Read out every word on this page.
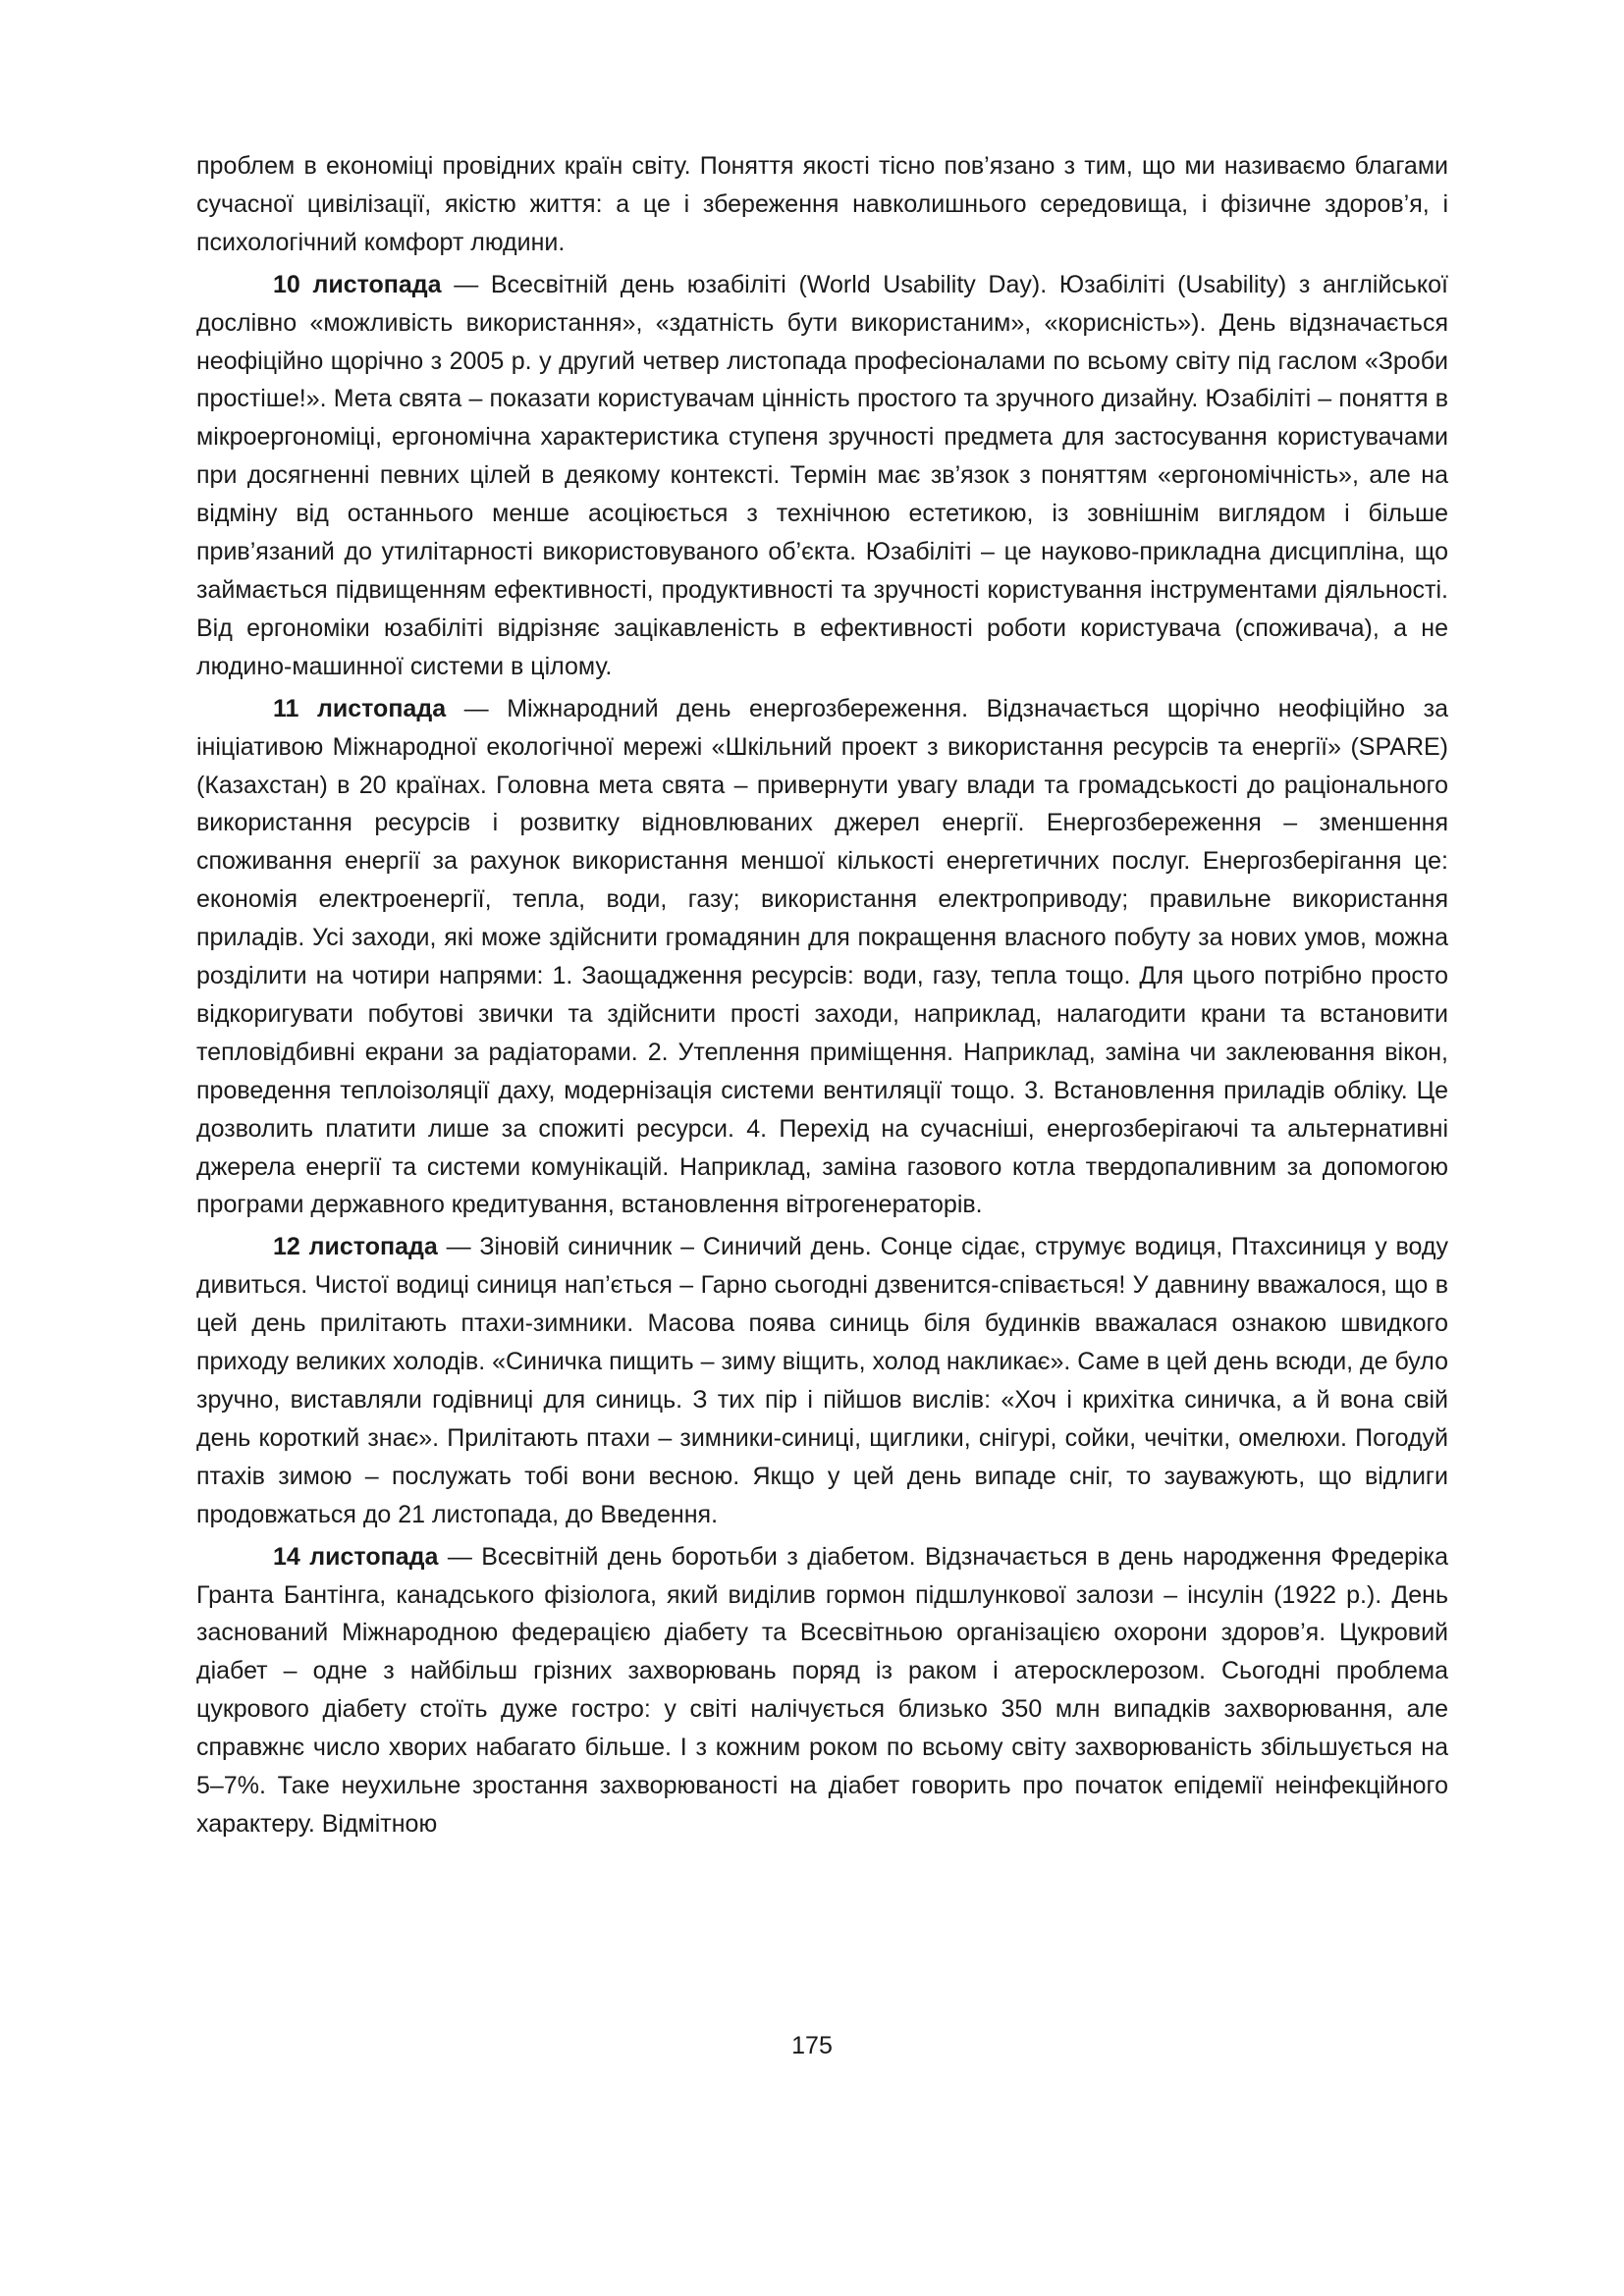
проблем в економіці провідних країн світу. Поняття якості тісно пов’язано з тим, що ми називаємо благами сучасної цивілізації, якістю життя: а це і збереження навколишнього середовища, і фізичне здоров’я, і психологічний комфорт людини.

10 листопада — Всесвітній день юзабіліті (World Usability Day). Юзабіліті (Usability) з англійської дослівно «можливість використання», «здатність бути використаним», «корисність»). День відзначається неофіційно щорічно з 2005 р. у другий четвер листопада професіоналами по всьому світу під гаслом «Зроби простіше!». Мета свята – показати користувачам цінність простого та зручного дизайну. Юзабіліті – поняття в мікроергономіці, ергономічна характеристика ступеня зручності предмета для застосування користувачами при досягненні певних цілей в деякому контексті. Термін має зв’язок з поняттям «ергономічність», але на відміну від останнього менше асоціюється з технічною естетикою, із зовнішнім виглядом і більше прив’язаний до утилітарності використовуваного об’єкта. Юзабіліті – це науково-прикладна дисципліна, що займається підвищенням ефективності, продуктивності та зручності користування інструментами діяльності. Від ергономіки юзабіліті відрізняє зацікавленість в ефективності роботи користувача (споживача), а не людино-машинної системи в цілому.

11 листопада — Міжнародний день енергозбереження. Відзначається щорічно неофіційно за ініціативою Міжнародної екологічної мережі «Шкільний проект з використання ресурсів та енергії» (SPARE) (Казахстан) в 20 країнах. Головна мета свята – привернути увагу влади та громадськості до раціонального використання ресурсів і розвитку відновлюваних джерел енергії. Енергозбереження – зменшення споживання енергії за рахунок використання меншої кількості енергетичних послуг. Енергозберігання це: економія електроенергії, тепла, води, газу; використання електроприводу; правильне використання приладів. Усі заходи, які може здійснити громадянин для покращення власного побуту за нових умов, можна розділити на чотири напрями: 1. Заощадження ресурсів: води, газу, тепла тощо. Для цього потрібно просто відкоригувати побутові звички та здійснити прості заходи, наприклад, налагодити крани та встановити тепловідбивні екрани за радіаторами. 2. Утеплення приміщення. Наприклад, заміна чи заклеювання вікон, проведення теплоізоляції даху, модернізація системи вентиляції тощо. 3. Встановлення приладів обліку. Це дозволить платити лише за спожиті ресурси. 4. Перехід на сучасніші, енергозберігаючі та альтернативні джерела енергії та системи комунікацій. Наприклад, заміна газового котла твердопаливним за допомогою програми державного кредитування, встановлення вітрогенераторів.

12 листопада — Зіновій синичник – Синичий день. Сонце сідає, струмує водиця, Птахсиниця у воду дивиться. Чистої водиці синиця нап’ється – Гарно сьогодні дзвенится-співається! У давнину вважалося, що в цей день прилітають птахи-зимники. Масова поява синиць біля будинків вважалася ознакою швидкого приходу великих холодів. «Синичка пищить – зиму віщить, холод накликає». Саме в цей день всюди, де було зручно, виставляли годівниці для синиць. З тих пір і пійшов вислів: «Хоч і крихітка синичка, а й вона свій день короткий знає». Прилітають птахи – зимники-синиці, щиглики, снігурі, сойки, чечітки, омелюхи. Погодуй птахів зимою – послужать тобі вони весною. Якщо у цей день випаде сніг, то зауважують, що відлиги продовжаться до 21 листопада, до Введення.

14 листопада — Всесвітній день боротьби з діабетом. Відзначається в день народження Фредеріка Гранта Бантінга, канадського фізіолога, який виділив гормон підшлункової залози – інсулін (1922 р.). День заснований Міжнародною федерацією діабету та Всесвітньою організацією охорони здоров’я. Цукровий діабет – одне з найбільш грізних захворювань поряд із раком і атеросклерозом. Сьогодні проблема цукрового діабету стоїть дуже гостро: у світі налічується близько 350 млн випадків захворювання, але справжнє число хворих набагато більше. І з кожним роком по всьому світу захворюваність збільшується на 5–7%. Таке неухильне зростання захворюваності на діабет говорить про початок епідемії неінфекційного характеру. Відмітною

175
